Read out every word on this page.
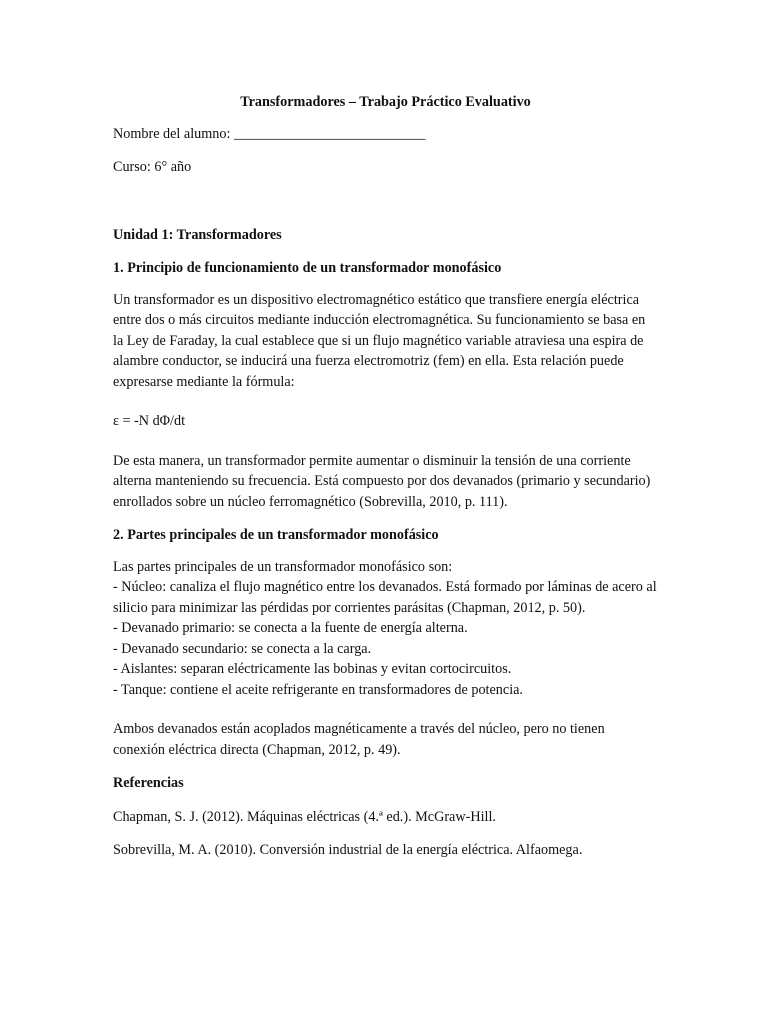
Transformadores – Trabajo Práctico Evaluativo

Nombre del alumno: ___________________________

Curso: 6° año

Unidad 1: Transformadores

1. Principio de funcionamiento de un transformador monofásico

Un transformador es un dispositivo electromagnético estático que transfiere energía eléctrica entre dos o más circuitos mediante inducción electromagnética. Su funcionamiento se basa en la Ley de Faraday, la cual establece que si un flujo magnético variable atraviesa una espira de alambre conductor, se inducirá una fuerza electromotriz (fem) en ella. Esta relación puede expresarse mediante la fórmula:

ε = -N dΦ/dt

De esta manera, un transformador permite aumentar o disminuir la tensión de una corriente alterna manteniendo su frecuencia. Está compuesto por dos devanados (primario y secundario) enrollados sobre un núcleo ferromagnético (Sobrevilla, 2010, p. 111).

2. Partes principales de un transformador monofásico

Las partes principales de un transformador monofásico son:

- Núcleo: canaliza el flujo magnético entre los devanados. Está formado por láminas de acero al silicio para minimizar las pérdidas por corrientes parásitas (Chapman, 2012, p. 50).
- Devanado primario: se conecta a la fuente de energía alterna.
- Devanado secundario: se conecta a la carga.
- Aislantes: separan eléctricamente las bobinas y evitan cortocircuitos.
- Tanque: contiene el aceite refrigerante en transformadores de potencia.

Ambos devanados están acoplados magnéticamente a través del núcleo, pero no tienen conexión eléctrica directa (Chapman, 2012, p. 49).

Referencias

Chapman, S. J. (2012). Máquinas eléctricas (4.ª ed.). McGraw-Hill.

Sobrevilla, M. A. (2010). Conversión industrial de la energía eléctrica. Alfaomega.
